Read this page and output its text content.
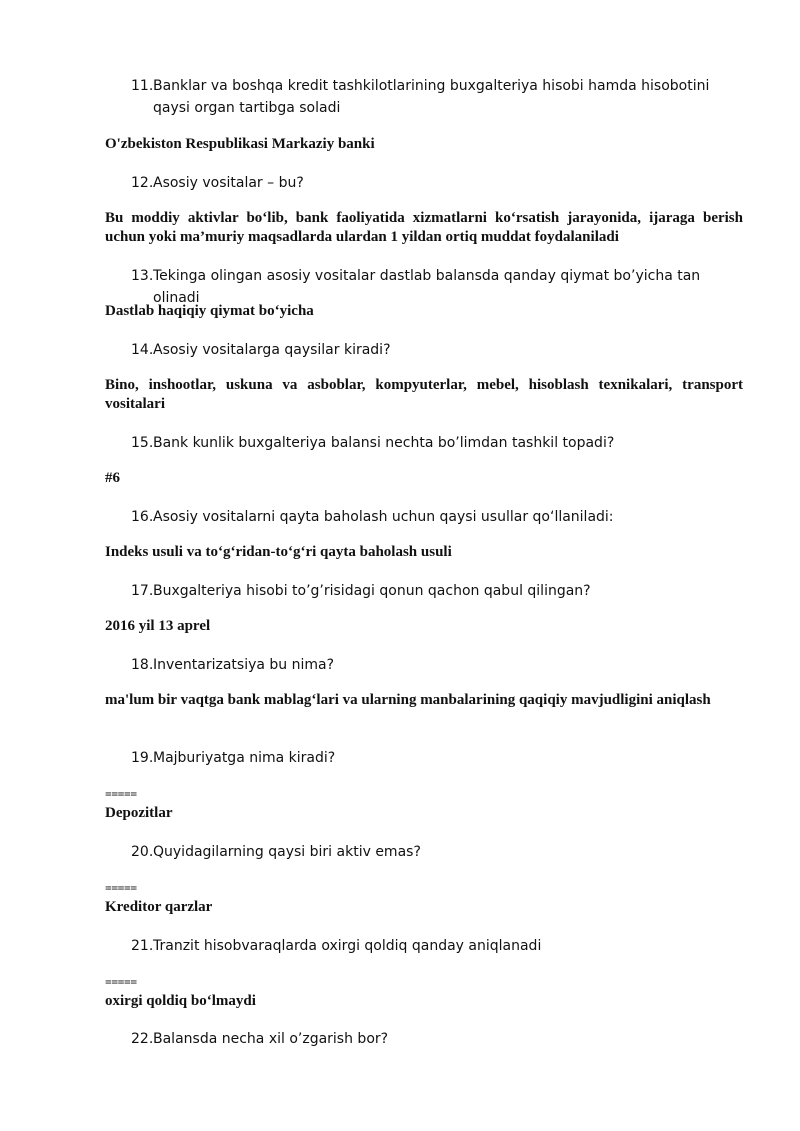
11. Banklar va boshqa kredit tashkilotlarining buxgalteriya hisobi hamda hisobotini qaysi organ tartibga soladi
O'zbekiston Respublikasi Markaziy banki
12. Asosiy vositalar – bu?
Bu moddiy aktivlar bo‘lib, bank faoliyatida xizmatlarni ko‘rsatish jarayonida, ijaraga berish uchun yoki ma’muriy maqsadlarda ulardan 1 yildan ortiq muddat foydalaniladi
13. Tekinga olingan asosiy vositalar dastlab balansda qanday qiymat bo’yicha tan olinadi
Dastlab haqiqiy qiymat bo‘yicha
14. Asosiy vositalarga qaysilar kiradi?
Bino, inshootlar, uskuna va asboblar, kompyuterlar, mebel, hisoblash texnikalari, transport vositalari
15. Bank kunlik buxgalteriya balansi nechta bo’limdan tashkil topadi?
#6
16. Asosiy vositalarni qayta baholash uchun qaysi usullar qo‘llaniladi:
Indeks usuli va to‘g‘ridan-to‘g‘ri qayta baholash usuli
17. Buxgalteriya hisobi to’g’risidagi qonun qachon qabul qilingan?
2016 yil 13 aprel
18. Inventarizatsiya bu nima?
ma'lum bir vaqtga bank mablag‘lari va ularning manbalarining qaqiqiy mavjudligini aniqlash
19. Majburiyatga nima kiradi?
=====
Depozitlar
20. Quyidagilarning qaysi biri aktiv emas?
=====
Kreditor qarzlar
21. Tranzit hisobvaraqlarda oxirgi qoldiq qanday aniqlanadi
=====
oxirgi qoldiq bo‘lmaydi
22. Balansda necha xil o’zgarish bor?
